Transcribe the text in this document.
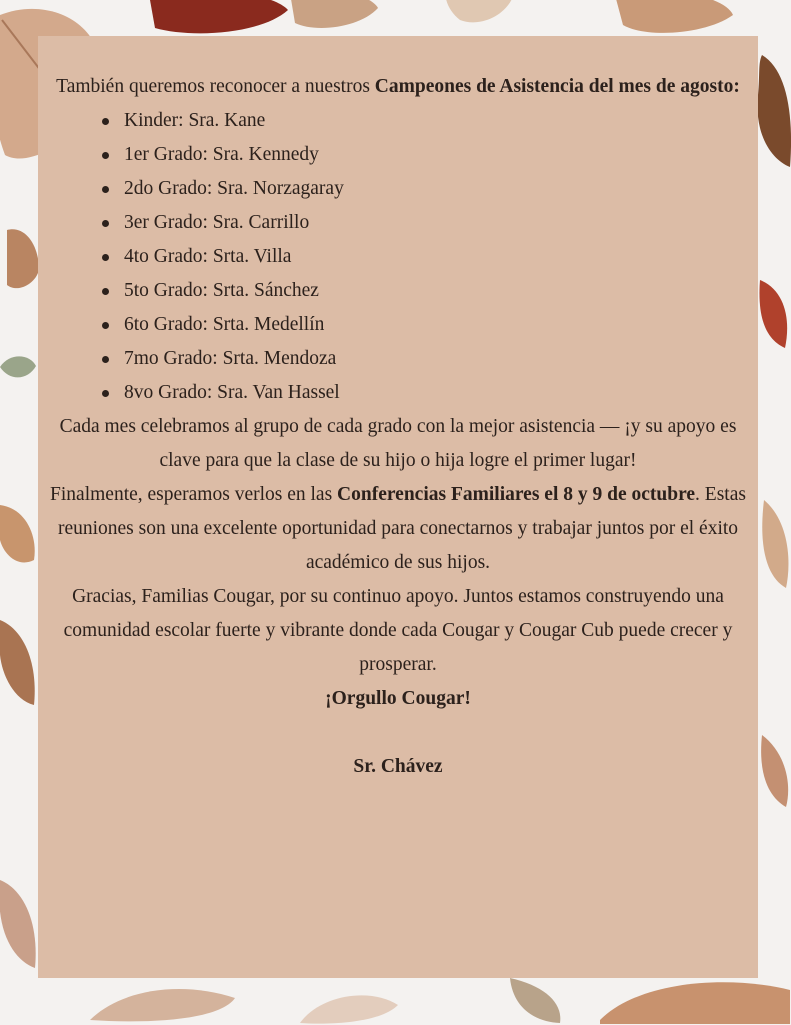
También queremos reconocer a nuestros Campeones de Asistencia del mes de agosto:

Kinder: Sra. Kane
1er Grado: Sra. Kennedy
2do Grado: Sra. Norzagaray
3er Grado: Sra. Carrillo
4to Grado: Srta. Villa
5to Grado: Srta. Sánchez
6to Grado: Srta. Medellín
7mo Grado: Srta. Mendoza
8vo Grado: Sra. Van Hassel

Cada mes celebramos al grupo de cada grado con la mejor asistencia — ¡y su apoyo es clave para que la clase de su hijo o hija logre el primer lugar!

Finalmente, esperamos verlos en las Conferencias Familiares el 8 y 9 de octubre. Estas reuniones son una excelente oportunidad para conectarnos y trabajar juntos por el éxito académico de sus hijos.

Gracias, Familias Cougar, por su continuo apoyo. Juntos estamos construyendo una comunidad escolar fuerte y vibrante donde cada Cougar y Cougar Cub puede crecer y prosperar.

¡Orgullo Cougar!

Sr. Chávez
